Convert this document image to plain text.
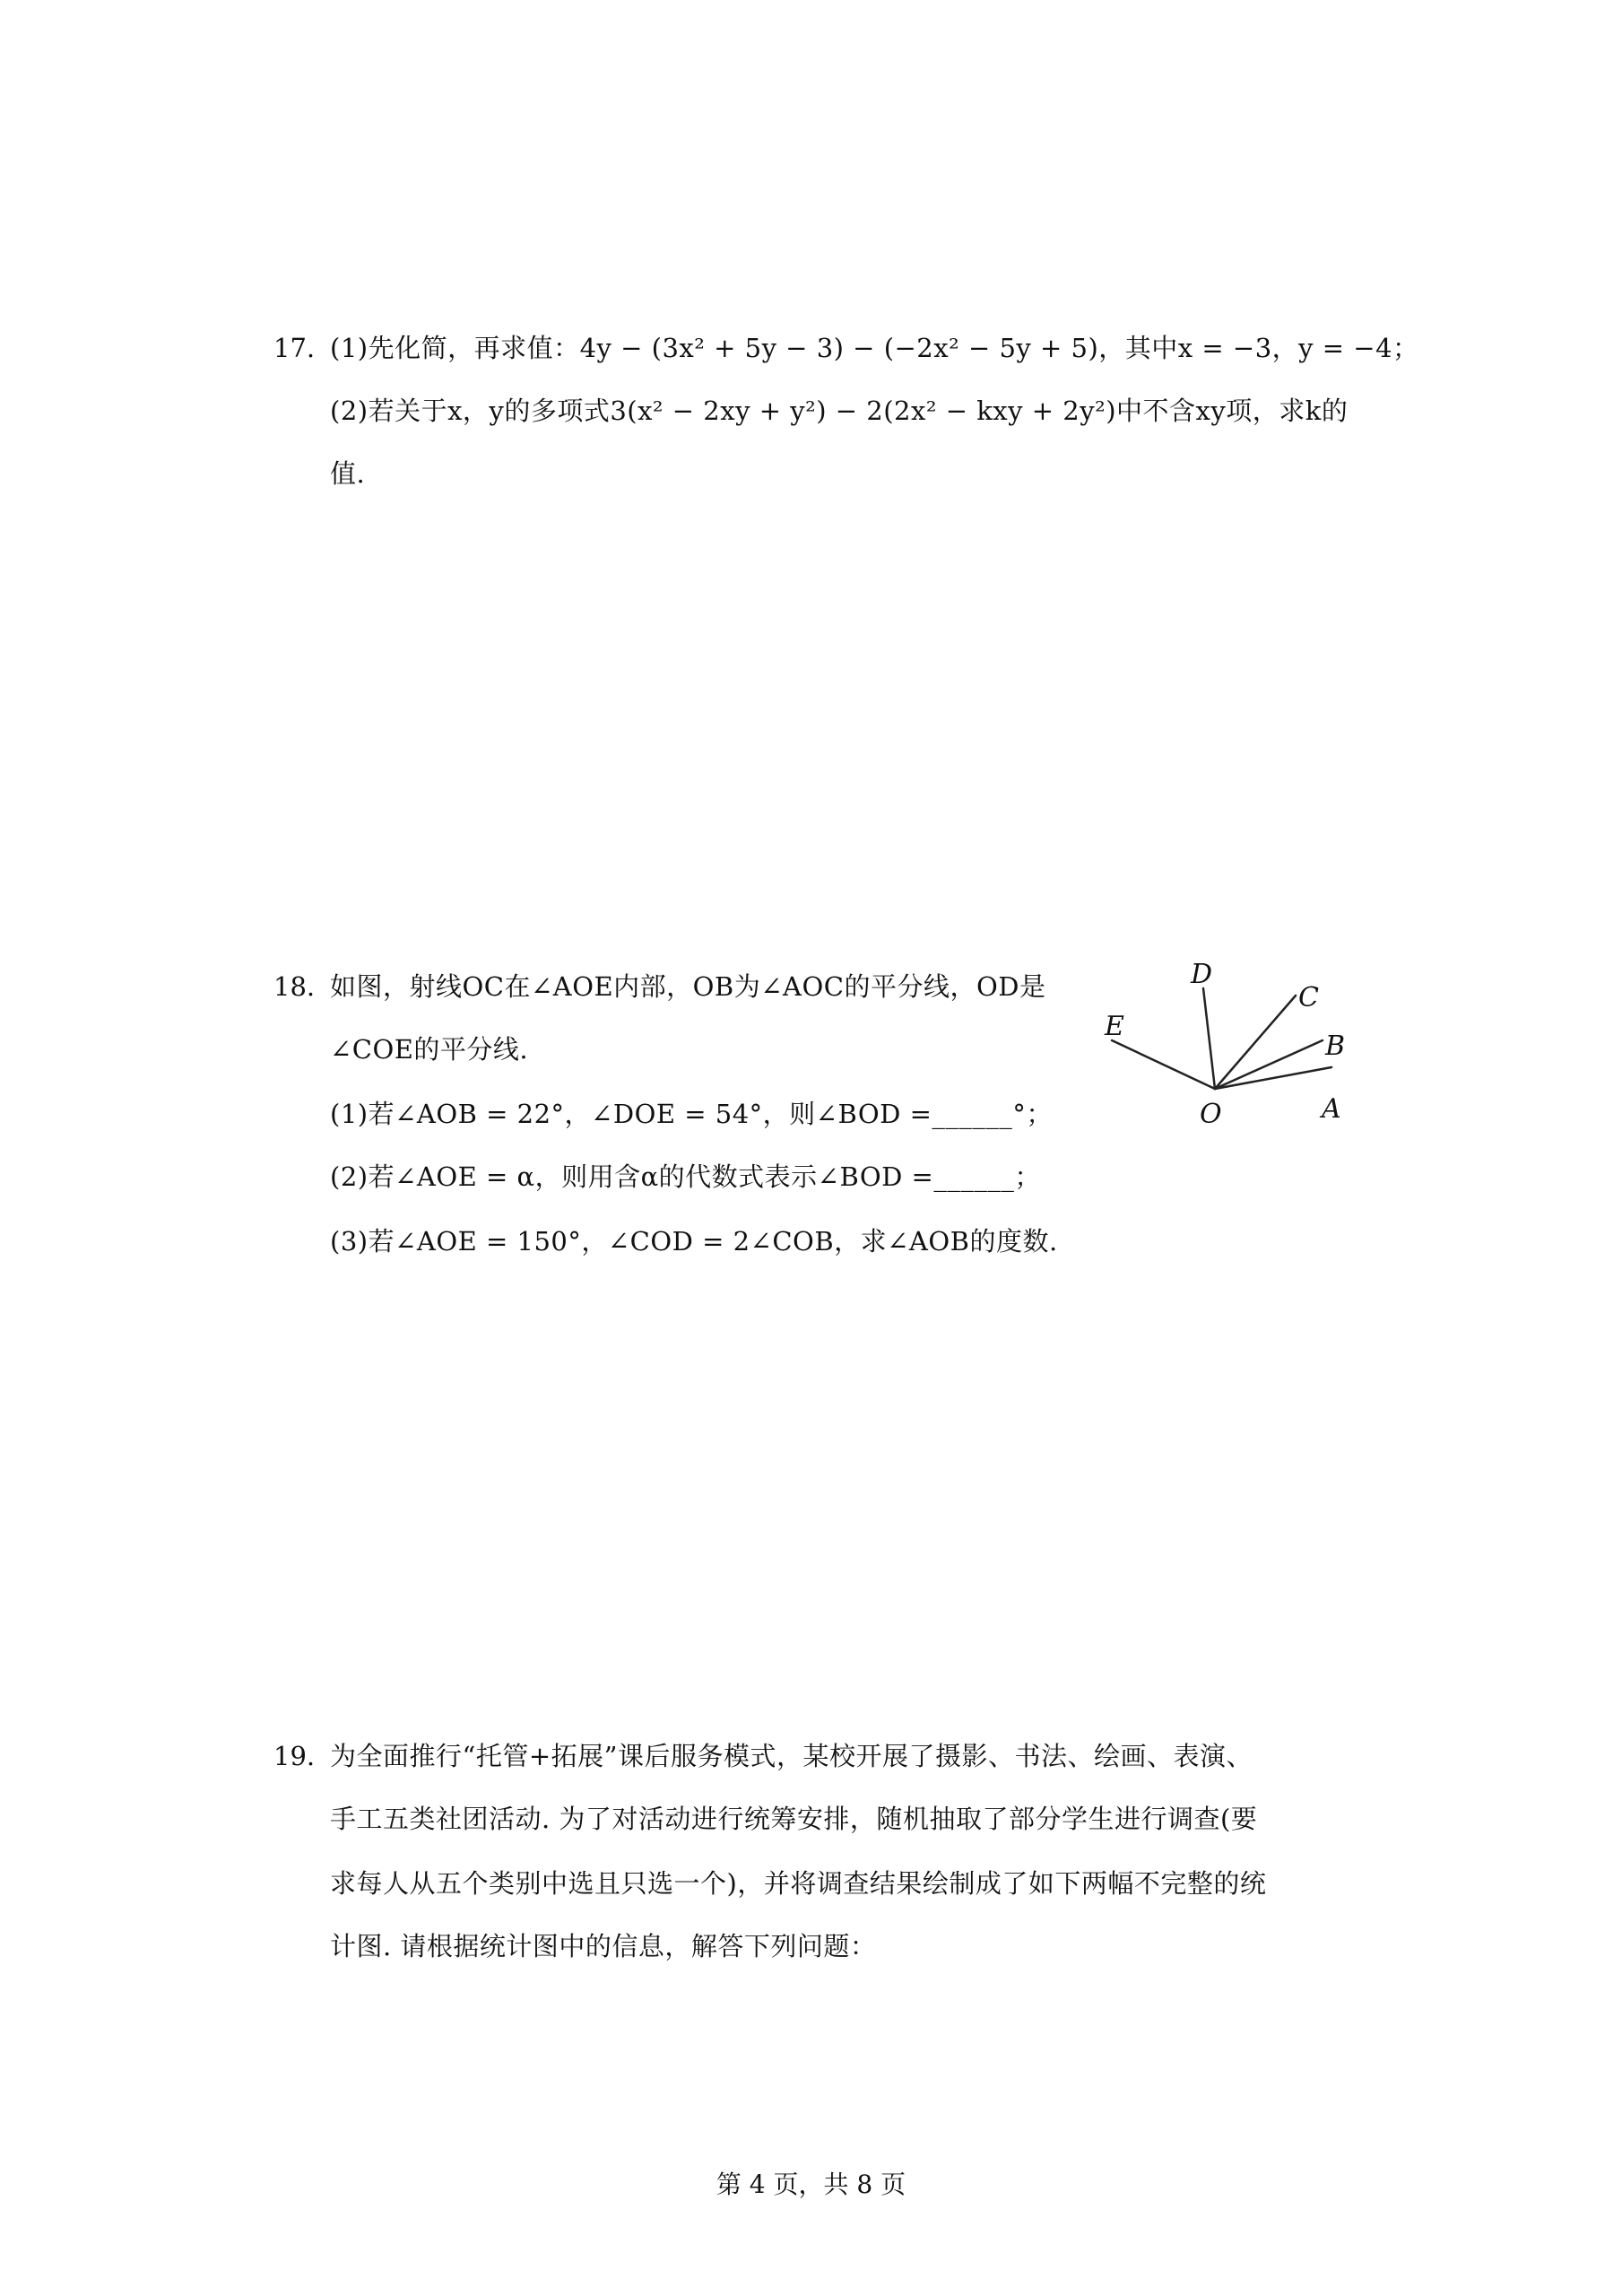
17. (1)先化简，再求值：4y − (3x² + 5y − 3) − (−2x² − 5y + 5)，其中x = −3，y = −4；
(2)若关于x，y的多项式3(x² − 2xy + y²) − 2(2x² − kxy + 2y²)中不含xy项，求k的
值.
18. 如图，射线OC在∠AOE内部，OB为∠AOC的平分线，OD是
∠COE的平分线.
(1)若∠AOB = 22°，∠DOE = 54°，则∠BOD =______°；
(2)若∠AOE = α，则用含α的代数式表示∠BOD =______；
(3)若∠AOE = 150°，∠COD = 2∠COB，求∠AOB的度数.
O	A
B
C
D
E
19. 为全面推行“托管+拓展”课后服务模式，某校开展了摄影、书法、绘画、表演、
手工五类社团活动. 为了对活动进行统筹安排，随机抽取了部分学生进行调查(要
求每人从五个类别中选且只选一个)，并将调查结果绘制成了如下两幅不完整的统
计图. 请根据统计图中的信息，解答下列问题：
第 4 页，共 8 页
